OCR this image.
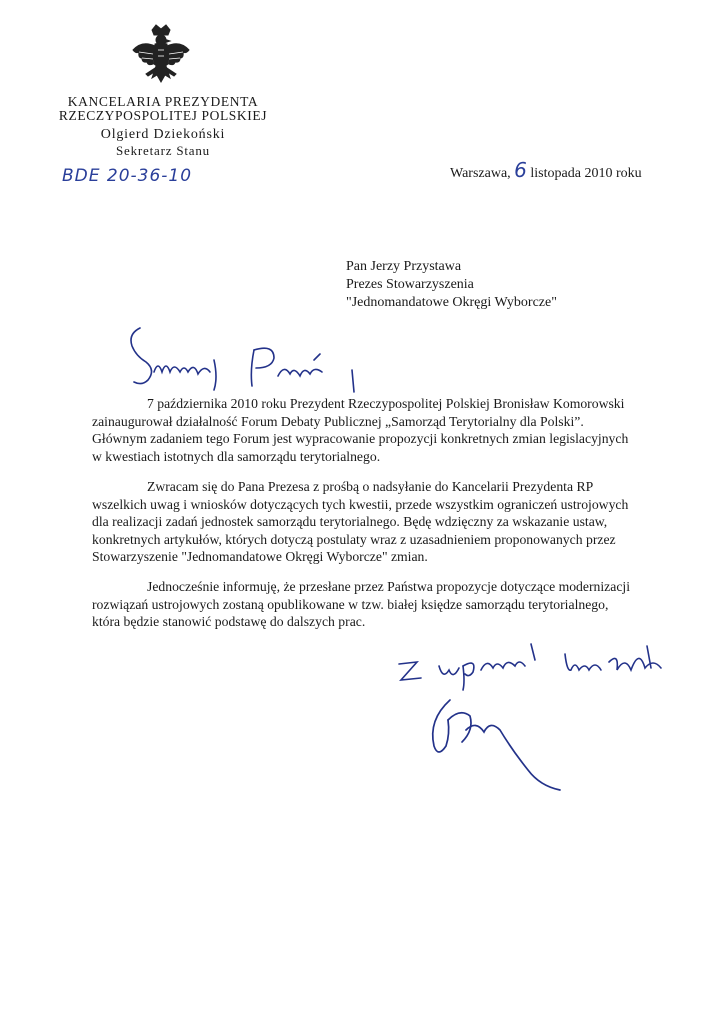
KANCELARIA PREZYDENTA
RZECZYPOSPOLITEJ POLSKIEJ
Olgierd Dziekoński
Sekretarz Stanu
BDE 20-36-10	Warszawa, 6 listopada 2010 roku
Pan Jerzy Przystawa
Prezes Stowarzyszenia
"Jednomandatowe Okręgi Wyborcze"
7 października 2010 roku Prezydent Rzeczypospolitej Polskiej Bronisław Komorowski
zainaugurował działalność Forum Debaty Publicznej „Samorząd Terytorialny dla Polski”.
Głównym zadaniem tego Forum jest wypracowanie propozycji konkretnych zmian legislacyjnych
w kwestiach istotnych dla samorządu terytorialnego.
Zwracam się do Pana Prezesa z prośbą o nadsyłanie do Kancelarii Prezydenta RP
wszelkich uwag i wniosków dotyczących tych kwestii, przede wszystkim ograniczeń ustrojowych
dla realizacji zadań jednostek samorządu terytorialnego. Będę wdzięczny za wskazanie ustaw,
konkretnych artykułów, których dotyczą postulaty wraz z uzasadnieniem proponowanych przez
Stowarzyszenie "Jednomandatowe Okręgi Wyborcze" zmian.
Jednocześnie informuję, że przesłane przez Państwa propozycje dotyczące modernizacji
rozwiązań ustrojowych zostaną opublikowane w tzw. białej księdze samorządu terytorialnego,
która będzie stanowić podstawę do dalszych prac.
